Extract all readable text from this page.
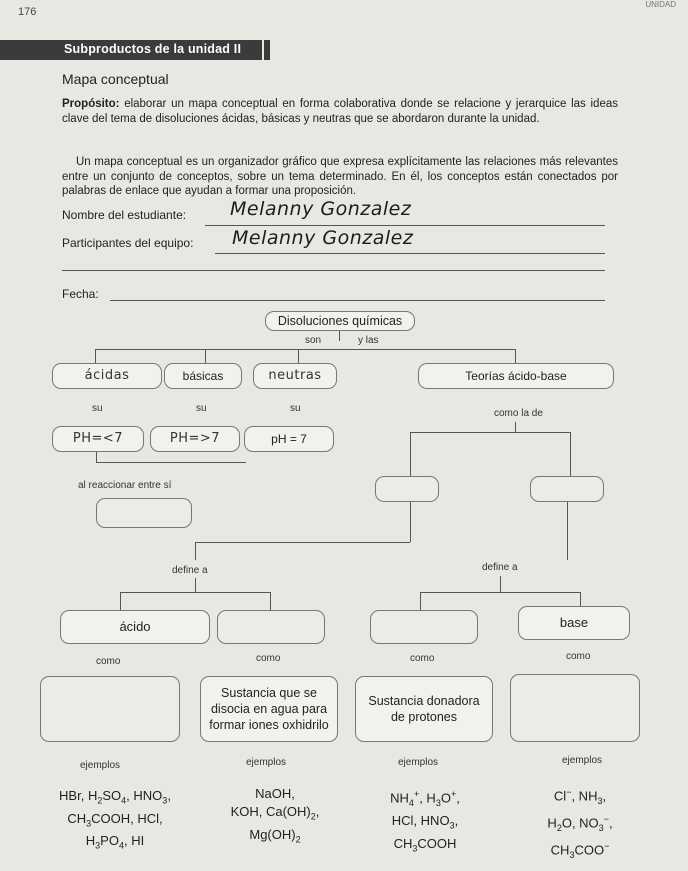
176
UNIDAD
Subproductos de la unidad II
Mapa conceptual
Propósito: elaborar un mapa conceptual en forma colaborativa donde se relacione y jerarquice las ideas clave del tema de disoluciones ácidas, básicas y neutras que se abordaron durante la unidad.
Un mapa conceptual es un organizador gráfico que expresa explícitamente las relaciones más relevantes entre un conjunto de conceptos, sobre un tema determinado. En él, los conceptos están conectados por palabras de enlace que ayudan a formar una proposición.
Nombre del estudiante: Melanny Gonzalez
Participantes del equipo: Melanny Gonzalez
Fecha:
Disoluciones químicas
son	y las
ácidas	básicas	neutras	Teorías ácido-base
su	su	su	como la de
PH=<7	PH=>7	pH = 7
al reaccionar entre sí
define a	define a
ácido	base
como	como	como	como
Sustancia que se disocia en agua para formar iones oxhidrilo
Sustancia donadora de protones
ejemplos	ejemplos	ejemplos	ejemplos
HBr, $H_2SO_4$, $HNO_3$,
$CH_3COOH$, HCl,
$H_3PO_4$, HI
NaOH,
KOH, $Ca(OH)_2$,
$Mg(OH)_2$
$NH_4^+$, $H_3O^+$,
HCl, $HNO_3$,
$CH_3COOH$
Cl−, $NH_3$,
$H_2O$, $NO_3^-$,
$CH_3COO^-$
